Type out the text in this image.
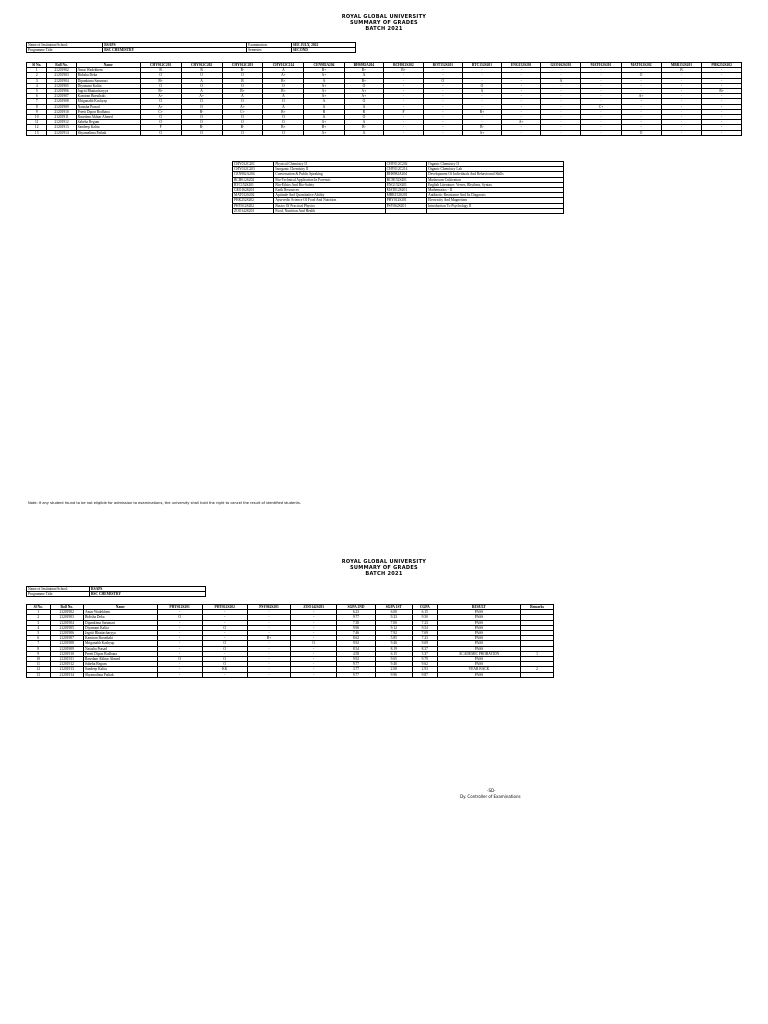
ROYAL GLOBAL UNIVERSITY
SUMMARY OF GRADES
BATCH 2021
Name of Institution/School:	RSAPS	Examination:	SEE JULY, 2022
Programme Title:	BSC CHEMISTRY	Semester:	SECOND
Sl No.	Roll No.	Name	CHY012C201	CHY012C202	CHY012C203	CHY012C214	CEN982A204	BHS982A204	BCH012S202	BOT152S201	BTC152S201	ENG152S201	GEO162S201	MAT012S201	MAT012S202	MBR152S201	PHK252S202
1	21201902	Amar Wadekhem	B	B	B-	A	B+	B+	B+	-	-	-	-	-	-	B	-
2	21201903	Bidisha Deka	O	O	O	A+	A+	A	-	-	-	-	-	-	O	-	-
3	21201904	Dipankima Sarumari	B+	A	B	B+	A	B+	-	O	-	-	A	-	-	-	-
4	21201905	Diyamani Kalita	O	O	O	O	A+	O	-	-	O	-	-	-	-	-	-
5	21201906	Jagriti Bhattacharyya	B+	A	B+	B+	A+	A+	-	-	A	-	-	-	-	-	B+
6	21201907	Kamiran Boruthaki	A+	A+	A	A	A+	A+	-	-	-	-	-	-	A+	-	-
7	21201908	Mriganabh Kashyap	O	O	O	O	A	O	-	-	-	-	-	-	-	-	-
8	21201909	Natasha Prasad	A+	O	A+	A	A	A	-	-	-	-	-	C+	-	-	-
9	21201910	Preeti Dipon Bodhana	C+	B-	C+	B+	B	B	F	-	B+	-	-	-	-	-	-
10	21201911	Rasedam Akhtar Ahmed	O	O	O	O	A	O	-	-	-	-	-	-	-	-	-
11	21201912	Sabeha Begum	O	O	O	O	A+	A	-	-	-	A+	-	-	-	-	-
12	21201913	Sandeep Kalita	F	B-	B-	B+	B+	B-	-	-	B-	-	-	-	-	-	-
13	21201914	Shyamalima Pathak	O	O	O	O	A+	A	-	-	A+	-	-	-	O	-	-
CHY012C201	Physical Chemistry II	CHY012C202	Organic Chemistry II
CHY012C203	Inorganic Chemistry II	CHY012C214	Organic Chemistry Lab
CEN982A204	Conversation & Public Speaking	BHS982A204	Development Of Individuals And Behavioural Skills
BCH012S202	Bio-Technical Application In Forensic	BCH152S201	Mushroom Cultivation
BTC152S201	Bio-Ethics And Bio-Safety	ENG152S201	English Literature: Verses, Rhythms, Syntax
GEO162S201	Earth Resources	MAT012S201	Mathematics - II
MAT012S202	Aptitude And Quantitative Ability	MBR152S201	Antibiotic Resistance And Its Diagnosis
PHK252S202	Ayurvedic Science Of Food And Nutrition	PHY012S201	Electricity And Magnetism
PHY012S202	Basics Of Practical Physics	PSY062S201	Introduction To Psychology II
ZOO142S201	Food, Nutrition And Health		
Note: If any student found to be not eligible for admission to examinations, the university shall hold the right to cancel the result of identified students.
ROYAL GLOBAL UNIVERSITY
SUMMARY OF GRADES
BATCH 2021
Name of Institution/School:	RSAPS
Programme Title:	BSC CHEMISTRY
Sl No.	Roll No.	Name	PHY012S201	PHY012S202	PSY062S201	ZOO142S201	SGPA 2ND	SGPA 1ST	CGPA	RESULT	Remarks
1	21201902	Amar Wadekhem	-	-	-	-	6.23	6.00	6.15	PASS	
2	21201903	Bidisha Deka	O	-	-	-	9.77	9.23	9.50	PASS	
3	21201904	Dipankima Sarumari	-	-	-	-	7.38	7.00	7.23	PASS	
4	21201905	Diyamani Kalita	-	O	-	-	9.96	9.12	9.54	PASS	
5	21201906	Jagriti Bhattacharyya	-	-	-	-	7.46	7.92	7.69	PASS	
6	21201907	Kamiran Boruthaki	-	-	B+	-	8.62	5.85	7.23	PASS	
7	21201908	Mriganabh Kashyap	-	O	-	O	9.92	9.46	9.69	PASS	
8	21201909	Natasha Prasad	-	O	-	-	8.54	8.19	8.37	PASS	
9	21201910	Preeti Dipon Bodhana	-	-	-	-	4.58	6.15	5.37	ACADEMIC PROBATION	1
10	21201911	Rasedam Akhtar Ahmed	O	O	-	-	9.92	9.65	9.79	PASS	
11	21201912	Sabeha Begum	-	O	-	-	9.77	9.46	9.62	PASS	
12	21201913	Sandeep Kalita	-	KK	-	-	3.77	2.08	2.93	YEAR BACK	2
13	21201914	Shyamalima Pathak	-	-	-	-	9.77	9.96	9.87	PASS	
-SD-
Dy. Controller of Examinations
